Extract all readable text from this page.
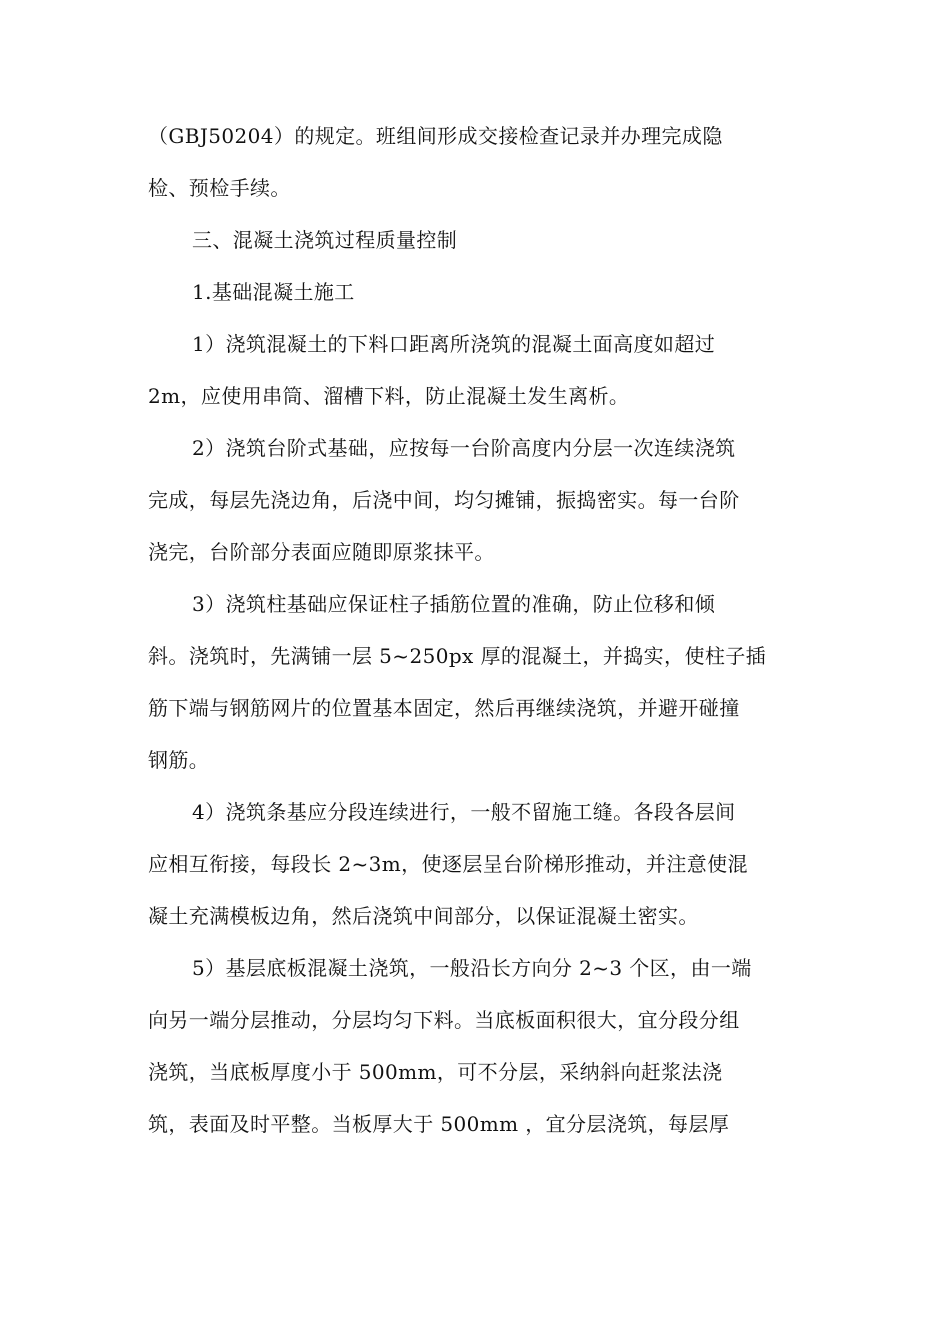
（GBJ50204）的规定。班组间形成交接检查记录并办理完成隐
检、预检手续。
三、混凝土浇筑过程质量控制
1.基础混凝土施工
1）浇筑混凝土的下料口距离所浇筑的混凝土面高度如超过
2m，应使用串筒、溜槽下料，防止混凝土发生离析。
2）浇筑台阶式基础，应按每一台阶高度内分层一次连续浇筑
完成，每层先浇边角，后浇中间，均匀摊铺，振捣密实。每一台阶
浇完，台阶部分表面应随即原浆抹平。
3）浇筑柱基础应保证柱子插筋位置的准确，防止位移和倾
斜。浇筑时，先满铺一层 5~250px 厚的混凝土，并捣实，使柱子插
筋下端与钢筋网片的位置基本固定，然后再继续浇筑，并避开碰撞
钢筋。
4）浇筑条基应分段连续进行，一般不留施工缝。各段各层间
应相互衔接，每段长 2~3m，使逐层呈台阶梯形推动，并注意使混
凝土充满模板边角，然后浇筑中间部分，以保证混凝土密实。
5）基层底板混凝土浇筑，一般沿长方向分 2~3 个区，由一端
向另一端分层推动，分层均匀下料。当底板面积很大，宜分段分组
浇筑，当底板厚度小于 500mm，可不分层，采纳斜向赶浆法浇
筑，表面及时平整。当板厚大于 500mm ，宜分层浇筑，每层厚
